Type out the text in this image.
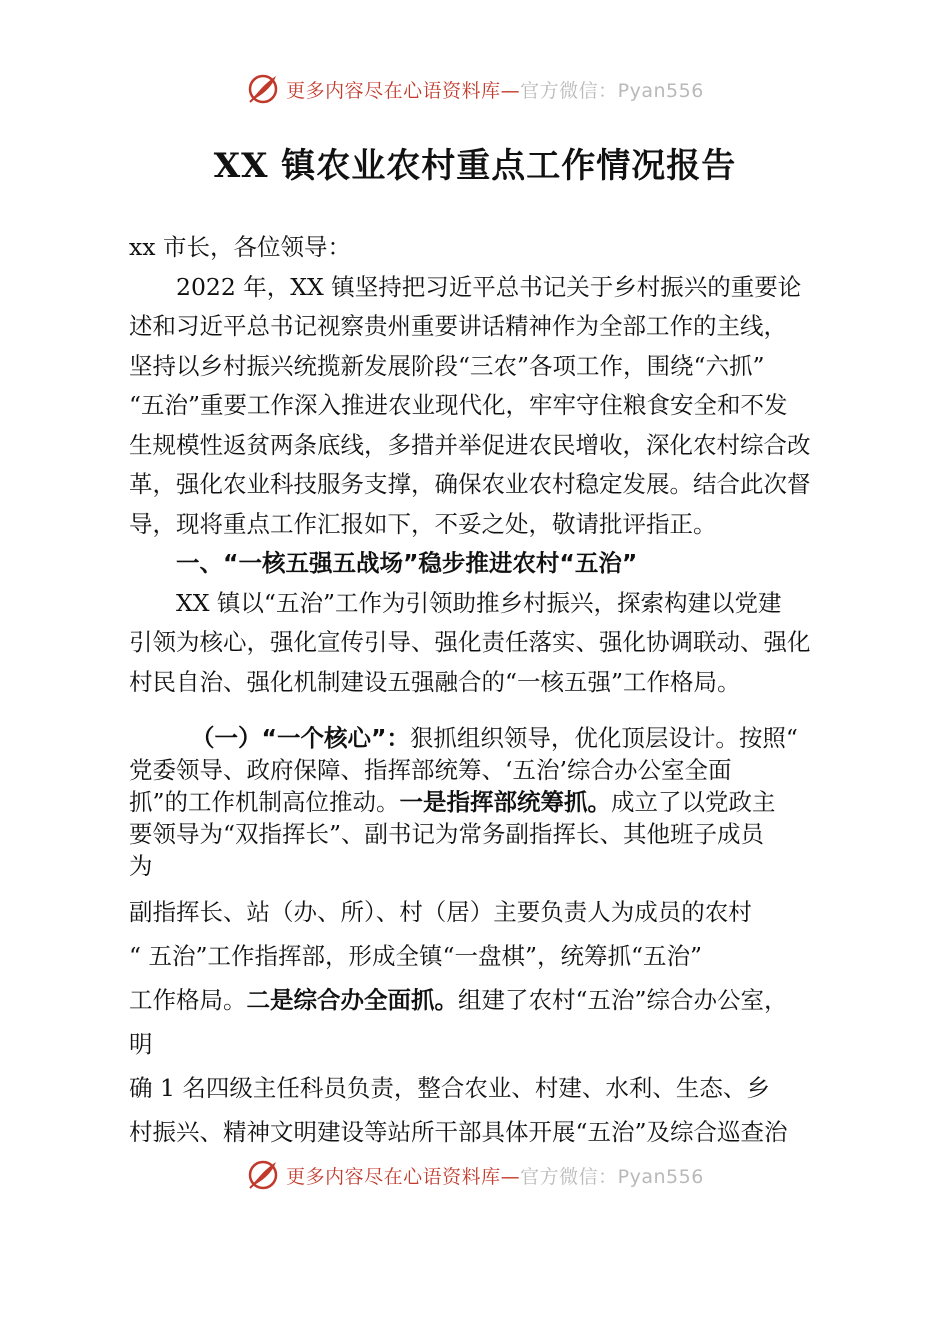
更多内容尽在心语资料库—官方微信：Pyan556
XX 镇农业农村重点工作情况报告
xx 市长，各位领导：
2022 年，XX 镇坚持把习近平总书记关于乡村振兴的重要论
述和习近平总书记视察贵州重要讲话精神作为全部工作的主线，
坚持以乡村振兴统揽新发展阶段“三农”各项工作，围绕“六抓”
“五治”重要工作深入推进农业现代化，牢牢守住粮食安全和不发
生规模性返贫两条底线，多措并举促进农民增收，深化农村综合改
革，强化农业科技服务支撑，确保农业农村稳定发展。结合此次督
导，现将重点工作汇报如下，不妥之处，敬请批评指正。
一、“一核五强五战场”稳步推进农村“五治”
XX 镇以“五治”工作为引领助推乡村振兴，探索构建以党建
引领为核心，强化宣传引导、强化责任落实、强化协调联动、强化
村民自治、强化机制建设五强融合的“一核五强”工作格局。
（一）“一个核心”：狠抓组织领导，优化顶层设计。按照“
党委领导、政府保障、指挥部统筹、‘五治’综合办公室全面
抓”的工作机制高位推动。一是指挥部统筹抓。成立了以党政主
要领导为“双指挥长”、副书记为常务副指挥长、其他班子成员
为
副指挥长、站（办、所）、村（居）主要负责人为成员的农村
“ 五治”工作指挥部，形成全镇“一盘棋”，统筹抓“五治”
工作格局。二是综合办全面抓。组建了农村“五治”综合办公室，
明
确 1 名四级主任科员负责，整合农业、村建、水利、生态、乡
村振兴、精神文明建设等站所干部具体开展“五治”及综合巡查治
更多内容尽在心语资料库—官方微信：Pyan556
